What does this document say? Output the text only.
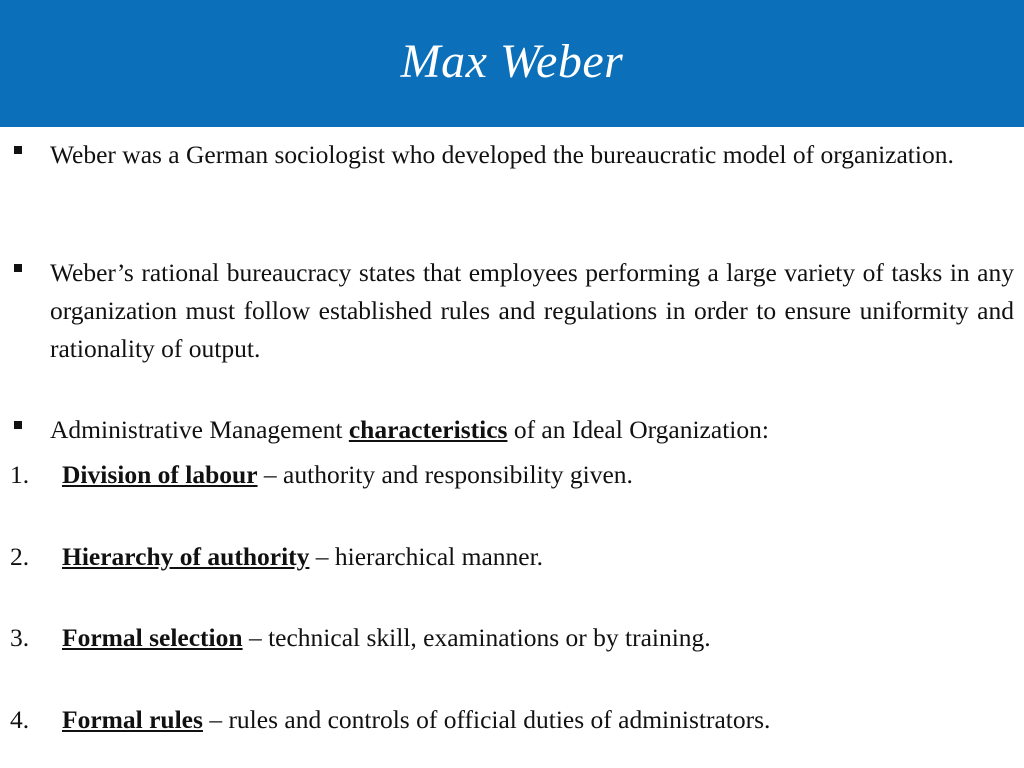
Max Weber
Weber was a German sociologist who developed the bureaucratic model of organization.
Weber’s rational bureaucracy states that employees performing a large variety of tasks in any organization must follow established rules and regulations in order to ensure uniformity and rationality of output.
Administrative Management characteristics of an Ideal Organization:
1. Division of labour – authority and responsibility given.
2. Hierarchy of authority – hierarchical manner.
3. Formal selection – technical skill, examinations or by training.
4. Formal rules – rules and controls of official duties of administrators.
